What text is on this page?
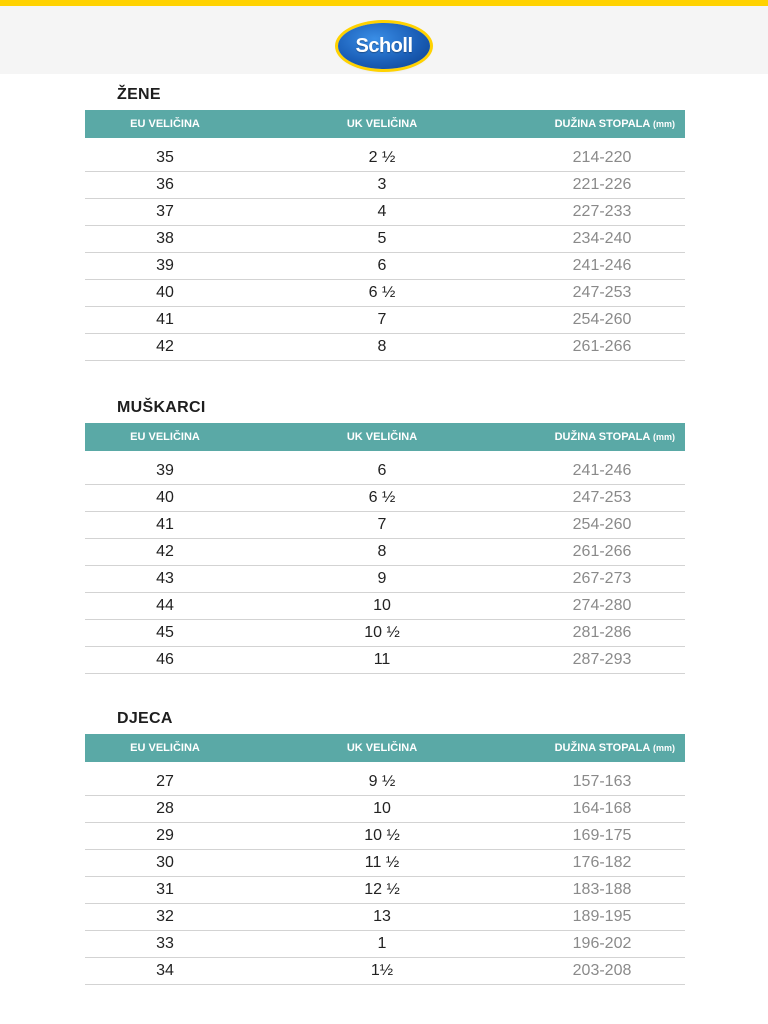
Scholl
ŽENE
EU VELIČINA	UK VELIČINA	DUŽINA STOPALA (mm)
35	2 ½	214-220
36	3	221-226
37	4	227-233
38	5	234-240
39	6	241-246
40	6 ½	247-253
41	7	254-260
42	8	261-266
MUŠKARCI
EU VELIČINA	UK VELIČINA	DUŽINA STOPALA (mm)
39	6	241-246
40	6 ½	247-253
41	7	254-260
42	8	261-266
43	9	267-273
44	10	274-280
45	10 ½	281-286
46	11	287-293
DJECA
EU VELIČINA	UK VELIČINA	DUŽINA STOPALA (mm)
27	9 ½	157-163
28	10	164-168
29	10 ½	169-175
30	11 ½	176-182
31	12 ½	183-188
32	13	189-195
33	1	196-202
34	1½	203-208
